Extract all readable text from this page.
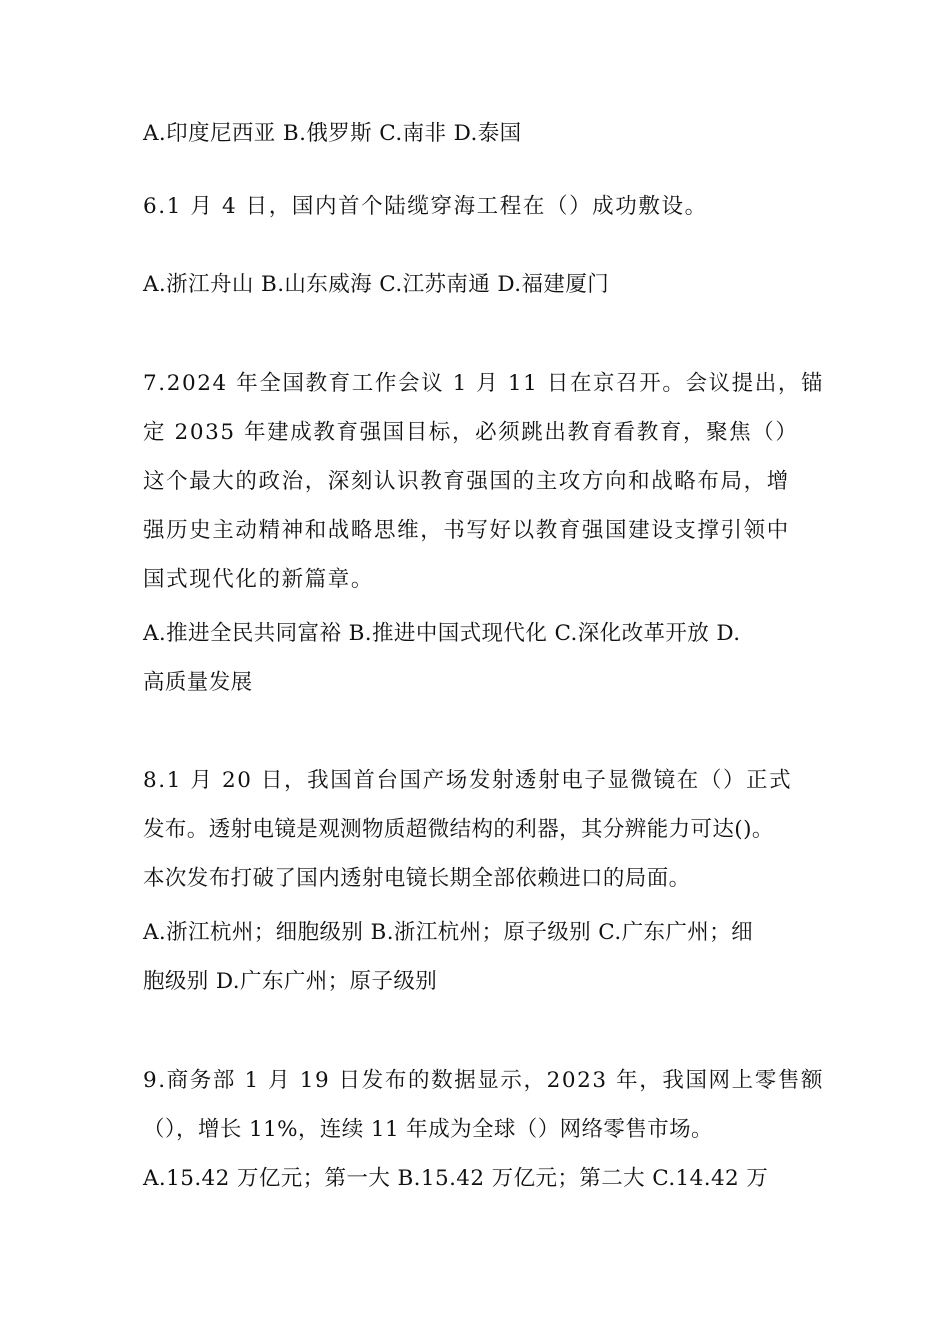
A.印度尼西亚 B.俄罗斯 C.南非 D.泰国
6.1 月 4 日，国内首个陆缆穿海工程在（）成功敷设。
A.浙江舟山 B.山东威海 C.江苏南通 D.福建厦门
7.2024 年全国教育工作会议 1 月 11 日在京召开。会议提出，锚
定 2035 年建成教育强国目标，必须跳出教育看教育，聚焦（）
这个最大的政治，深刻认识教育强国的主攻方向和战略布局，增
强历史主动精神和战略思维，书写好以教育强国建设支撑引领中
国式现代化的新篇章。
A.推进全民共同富裕 B.推进中国式现代化 C.深化改革开放 D.
高质量发展
8.1 月 20 日，我国首台国产场发射透射电子显微镜在（）正式
发布。透射电镜是观测物质超微结构的利器，其分辨能力可达()。
本次发布打破了国内透射电镜长期全部依赖进口的局面。
A.浙江杭州；细胞级别 B.浙江杭州；原子级别 C.广东广州；细
胞级别 D.广东广州；原子级别
9.商务部 1 月 19 日发布的数据显示，2023 年，我国网上零售额
（），增长 11%，连续 11 年成为全球（）网络零售市场。
A.15.42 万亿元；第一大 B.15.42 万亿元；第二大 C.14.42 万
